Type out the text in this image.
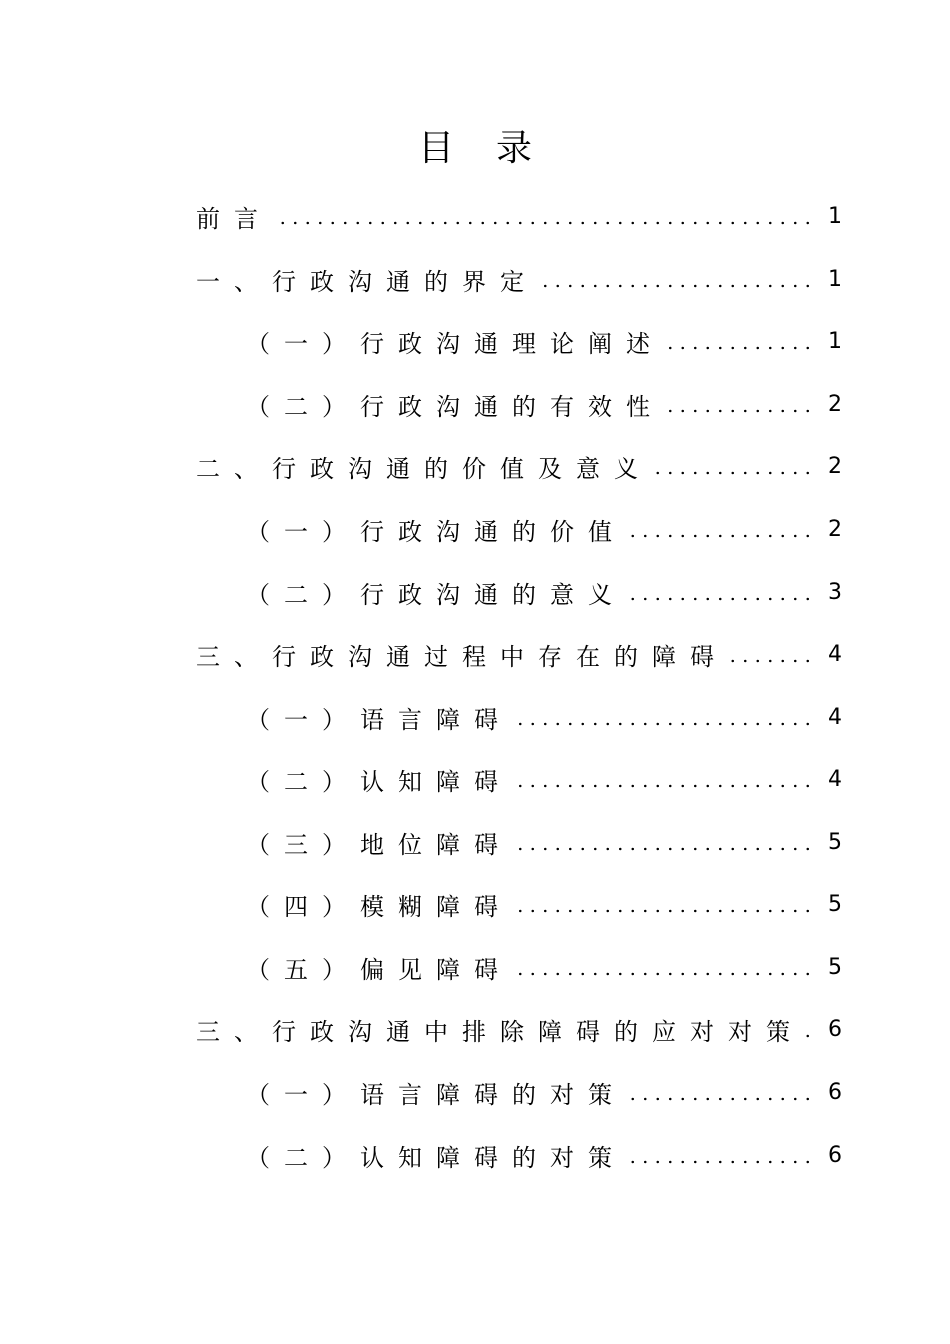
目 录
前言	1
一、行政沟通的界定	1
（一）行政沟通理论阐述	1
（二）行政沟通的有效性	2
二、行政沟通的价值及意义	2
（一）行政沟通的价值	2
（二）行政沟通的意义	3
三、行政沟通过程中存在的障碍	4
（一）语言障碍	4
（二）认知障碍	4
（三）地位障碍	5
（四）模糊障碍	5
（五）偏见障碍	5
三、行政沟通中排除障碍的应对对策	6
（一）语言障碍的对策	6
（二）认知障碍的对策	6
